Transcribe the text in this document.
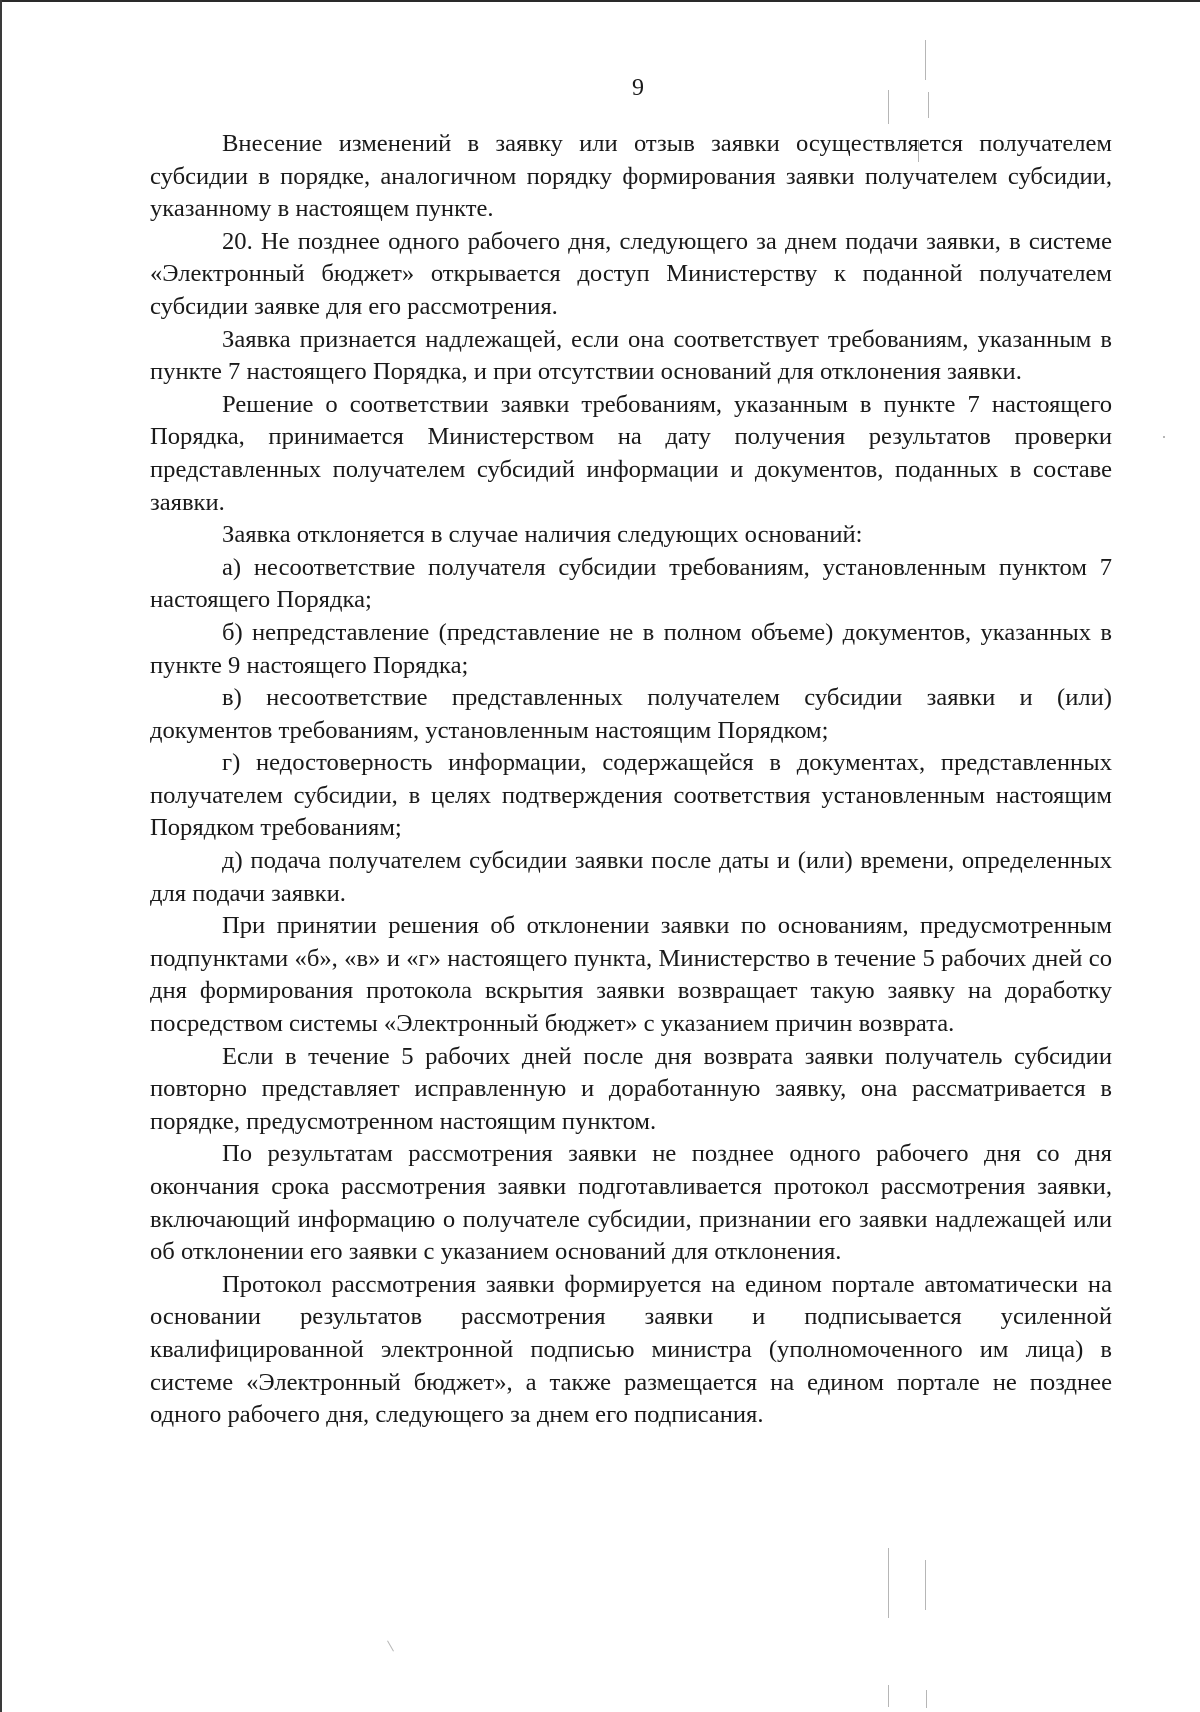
9

Внесение изменений в заявку или отзыв заявки осуществляется получателем субсидии в порядке, аналогичном порядку формирования заявки получателем субсидии, указанному в настоящем пункте.

20. Не позднее одного рабочего дня, следующего за днем подачи заявки, в системе «Электронный бюджет» открывается доступ Министерству к поданной получателем субсидии заявке для его рассмотрения.

Заявка признается надлежащей, если она соответствует требованиям, указанным в пункте 7 настоящего Порядка, и при отсутствии оснований для отклонения заявки.

Решение о соответствии заявки требованиям, указанным в пункте 7 настоящего Порядка, принимается Министерством на дату получения результатов проверки представленных получателем субсидий информации и документов, поданных в составе заявки.

Заявка отклоняется в случае наличия следующих оснований:

а) несоответствие получателя субсидии требованиям, установленным пунктом 7 настоящего Порядка;

б) непредставление (представление не в полном объеме) документов, указанных в пункте 9 настоящего Порядка;

в) несоответствие представленных получателем субсидии заявки и (или) документов требованиям, установленным настоящим Порядком;

г) недостоверность информации, содержащейся в документах, представленных получателем субсидии, в целях подтверждения соответствия установленным настоящим Порядком требованиям;

д) подача получателем субсидии заявки после даты и (или) времени, определенных для подачи заявки.

При принятии решения об отклонении заявки по основаниям, предусмотренным подпунктами «б», «в» и «г» настоящего пункта, Министерство в течение 5 рабочих дней со дня формирования протокола вскрытия заявки возвращает такую заявку на доработку посредством системы «Электронный бюджет» с указанием причин возврата.

Если в течение 5 рабочих дней после дня возврата заявки получатель субсидии повторно представляет исправленную и доработанную заявку, она рассматривается в порядке, предусмотренном настоящим пунктом.

По результатам рассмотрения заявки не позднее одного рабочего дня со дня окончания срока рассмотрения заявки подготавливается протокол рассмотрения заявки, включающий информацию о получателе субсидии, признании его заявки надлежащей или об отклонении его заявки с указанием оснований для отклонения.

Протокол рассмотрения заявки формируется на едином портале автоматически на основании результатов рассмотрения заявки и подписывается усиленной квалифицированной электронной подписью министра (уполномоченного им лица) в системе «Электронный бюджет», а также размещается на едином портале не позднее одного рабочего дня, следующего за днем его подписания.
